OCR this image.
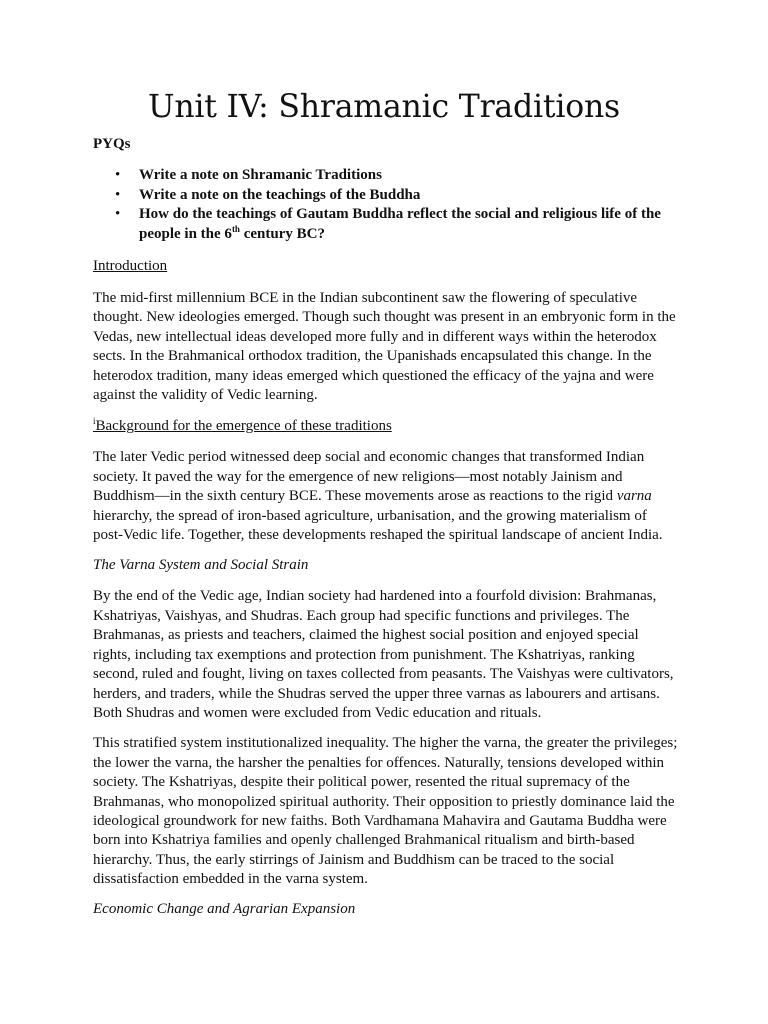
Unit IV: Shramanic Traditions
PYQs
• Write a note on Shramanic Traditions
• Write a note on the teachings of the Buddha
• How do the teachings of Gautam Buddha reflect the social and religious life of the people in the 6th century BC?
Introduction

The mid-first millennium BCE in the Indian subcontinent saw the flowering of speculative thought. New ideologies emerged. Though such thought was present in an embryonic form in the Vedas, new intellectual ideas developed more fully and in different ways within the heterodox sects. In the Brahmanical orthodox tradition, the Upanishads encapsulated this change. In the heterodox tradition, many ideas emerged which questioned the efficacy of the yajna and were against the validity of Vedic learning.

$^i$Background for the emergence of these traditions

The later Vedic period witnessed deep social and economic changes that transformed Indian society. It paved the way for the emergence of new religions—most notably Jainism and Buddhism—in the sixth century BCE. These movements arose as reactions to the rigid varna hierarchy, the spread of iron-based agriculture, urbanisation, and the growing materialism of post-Vedic life. Together, these developments reshaped the spiritual landscape of ancient India.

The Varna System and Social Strain

By the end of the Vedic age, Indian society had hardened into a fourfold division: Brahmanas, Kshatriyas, Vaishyas, and Shudras. Each group had specific functions and privileges. The Brahmanas, as priests and teachers, claimed the highest social position and enjoyed special rights, including tax exemptions and protection from punishment. The Kshatriyas, ranking second, ruled and fought, living on taxes collected from peasants. The Vaishyas were cultivators, herders, and traders, while the Shudras served the upper three varnas as labourers and artisans. Both Shudras and women were excluded from Vedic education and rituals.

This stratified system institutionalized inequality. The higher the varna, the greater the privileges; the lower the varna, the harsher the penalties for offences. Naturally, tensions developed within society. The Kshatriyas, despite their political power, resented the ritual supremacy of the Brahmanas, who monopolized spiritual authority. Their opposition to priestly dominance laid the ideological groundwork for new faiths. Both Vardhamana Mahavira and Gautama Buddha were born into Kshatriya families and openly challenged Brahmanical ritualism and birth-based hierarchy. Thus, the early stirrings of Jainism and Buddhism can be traced to the social dissatisfaction embedded in the varna system.

Economic Change and Agrarian Expansion
